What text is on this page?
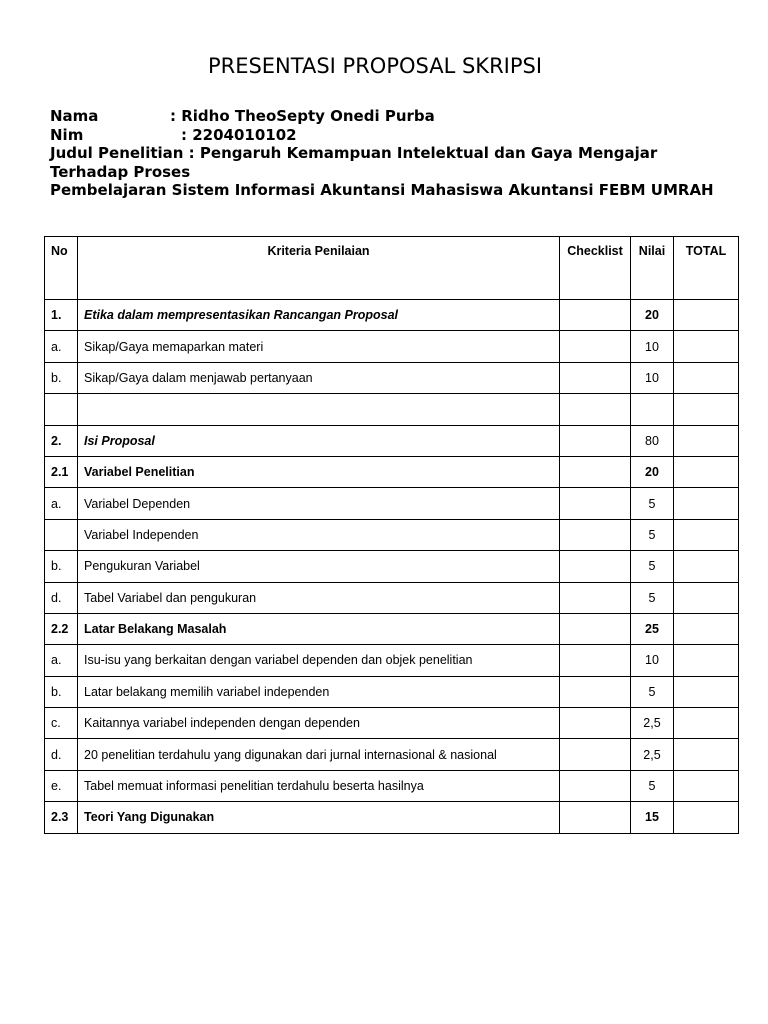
PRESENTASI PROPOSAL SKRIPSI
Nama	: Ridho TheoSepty Onedi Purba
Nim	: 2204010102
Judul Penelitian : Pengaruh Kemampuan Intelektual dan Gaya Mengajar Terhadap Proses
Pembelajaran Sistem Informasi Akuntansi Mahasiswa Akuntansi FEBM UMRAH
No	Kriteria Penilaian	Checklist	Nilai	TOTAL
1.	Etika dalam mempresentasikan Rancangan Proposal		20	
a.	Sikap/Gaya memaparkan materi		10	
b.	Sikap/Gaya dalam menjawab pertanyaan		10	

2.	Isi Proposal		80	
2.1	Variabel Penelitian		20	
a.	Variabel Dependen		5	
	Variabel Independen		5	
b.	Pengukuran Variabel		5	
d.	Tabel Variabel dan pengukuran		5	
2.2	Latar Belakang Masalah		25	
a.	Isu-isu yang berkaitan dengan variabel dependen dan objek penelitian		10	
b.	Latar belakang memilih variabel independen		5	
c.	Kaitannya variabel independen dengan dependen		2,5	
d.	20 penelitian terdahulu yang digunakan dari jurnal internasional & nasional		2,5	
e.	Tabel memuat informasi penelitian terdahulu beserta hasilnya		5	
2.3	Teori Yang Digunakan		15	
